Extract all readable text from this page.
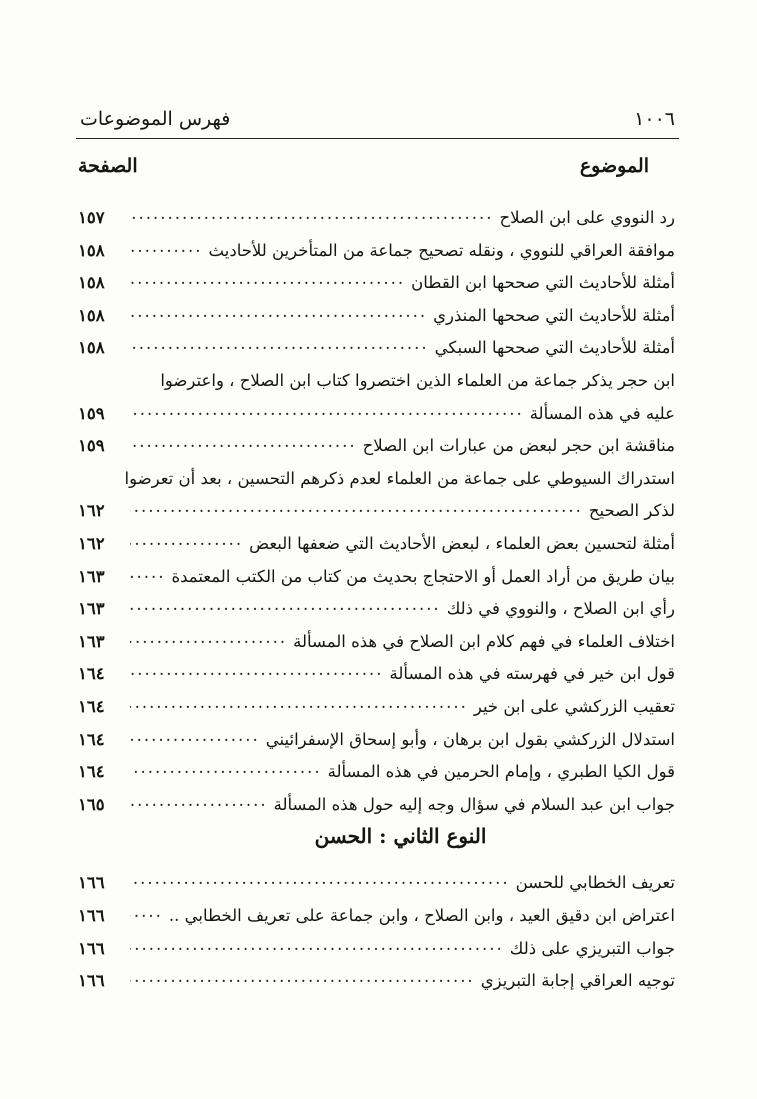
١٠٠٦
فهرس الموضوعات
الموضوع
الصفحة
رد النووي على ابن الصلاح
.....
١٥٧
موافقة العراقي للنووي ، ونقله تصحيح جماعة من المتأخرين للأحاديث
.....
١٥٨
أمثلة للأحاديث التي صححها ابن القطان
.....
١٥٨
أمثلة للأحاديث التي صححها المنذري
.....
١٥٨
أمثلة للأحاديث التي صححها السبكي
.....
١٥٨
ابن حجر يذكر جماعة من العلماء الذين اختصروا كتاب ابن الصلاح ، واعترضوا
عليه في هذه المسألة
.....
١٥٩
مناقشة ابن حجر لبعض من عبارات ابن الصلاح
.....
١٥٩
استدراك السيوطي على جماعة من العلماء لعدم ذكرهم التحسين ، بعد أن تعرضوا
لذكر الصحيح
.....
١٦٢
أمثلة لتحسين بعض العلماء ، لبعض الأحاديث التي ضعفها البعض
.....
١٦٢
بيان طريق من أراد العمل أو الاحتجاج بحديث من كتاب من الكتب المعتمدة
.....
١٦٣
رأي ابن الصلاح ، والنووي في ذلك
.....
١٦٣
اختلاف العلماء في فهم كلام ابن الصلاح في هذه المسألة
.....
١٦٣
قول ابن خير في فهرسته في هذه المسألة
.....
١٦٤
تعقيب الزركشي على ابن خير
.....
١٦٤
استدلال الزركشي بقول ابن برهان ، وأبو إسحاق الإسفرائيني
.....
١٦٤
قول الكيا الطبري ، وإمام الحرمين في هذه المسألة
.....
١٦٤
جواب ابن عبد السلام في سؤال وجه إليه حول هذه المسألة
.....
١٦٥
النوع الثاني : الحسن
تعريف الخطابي للحسن
.....
١٦٦
اعتراض ابن دقيق العيد ، وابن الصلاح ، وابن جماعة على تعريف الخطابي ..
.....
١٦٦
جواب التبريزي على ذلك
.....
١٦٦
توجيه العراقي إجابة التبريزي
.....
١٦٦
